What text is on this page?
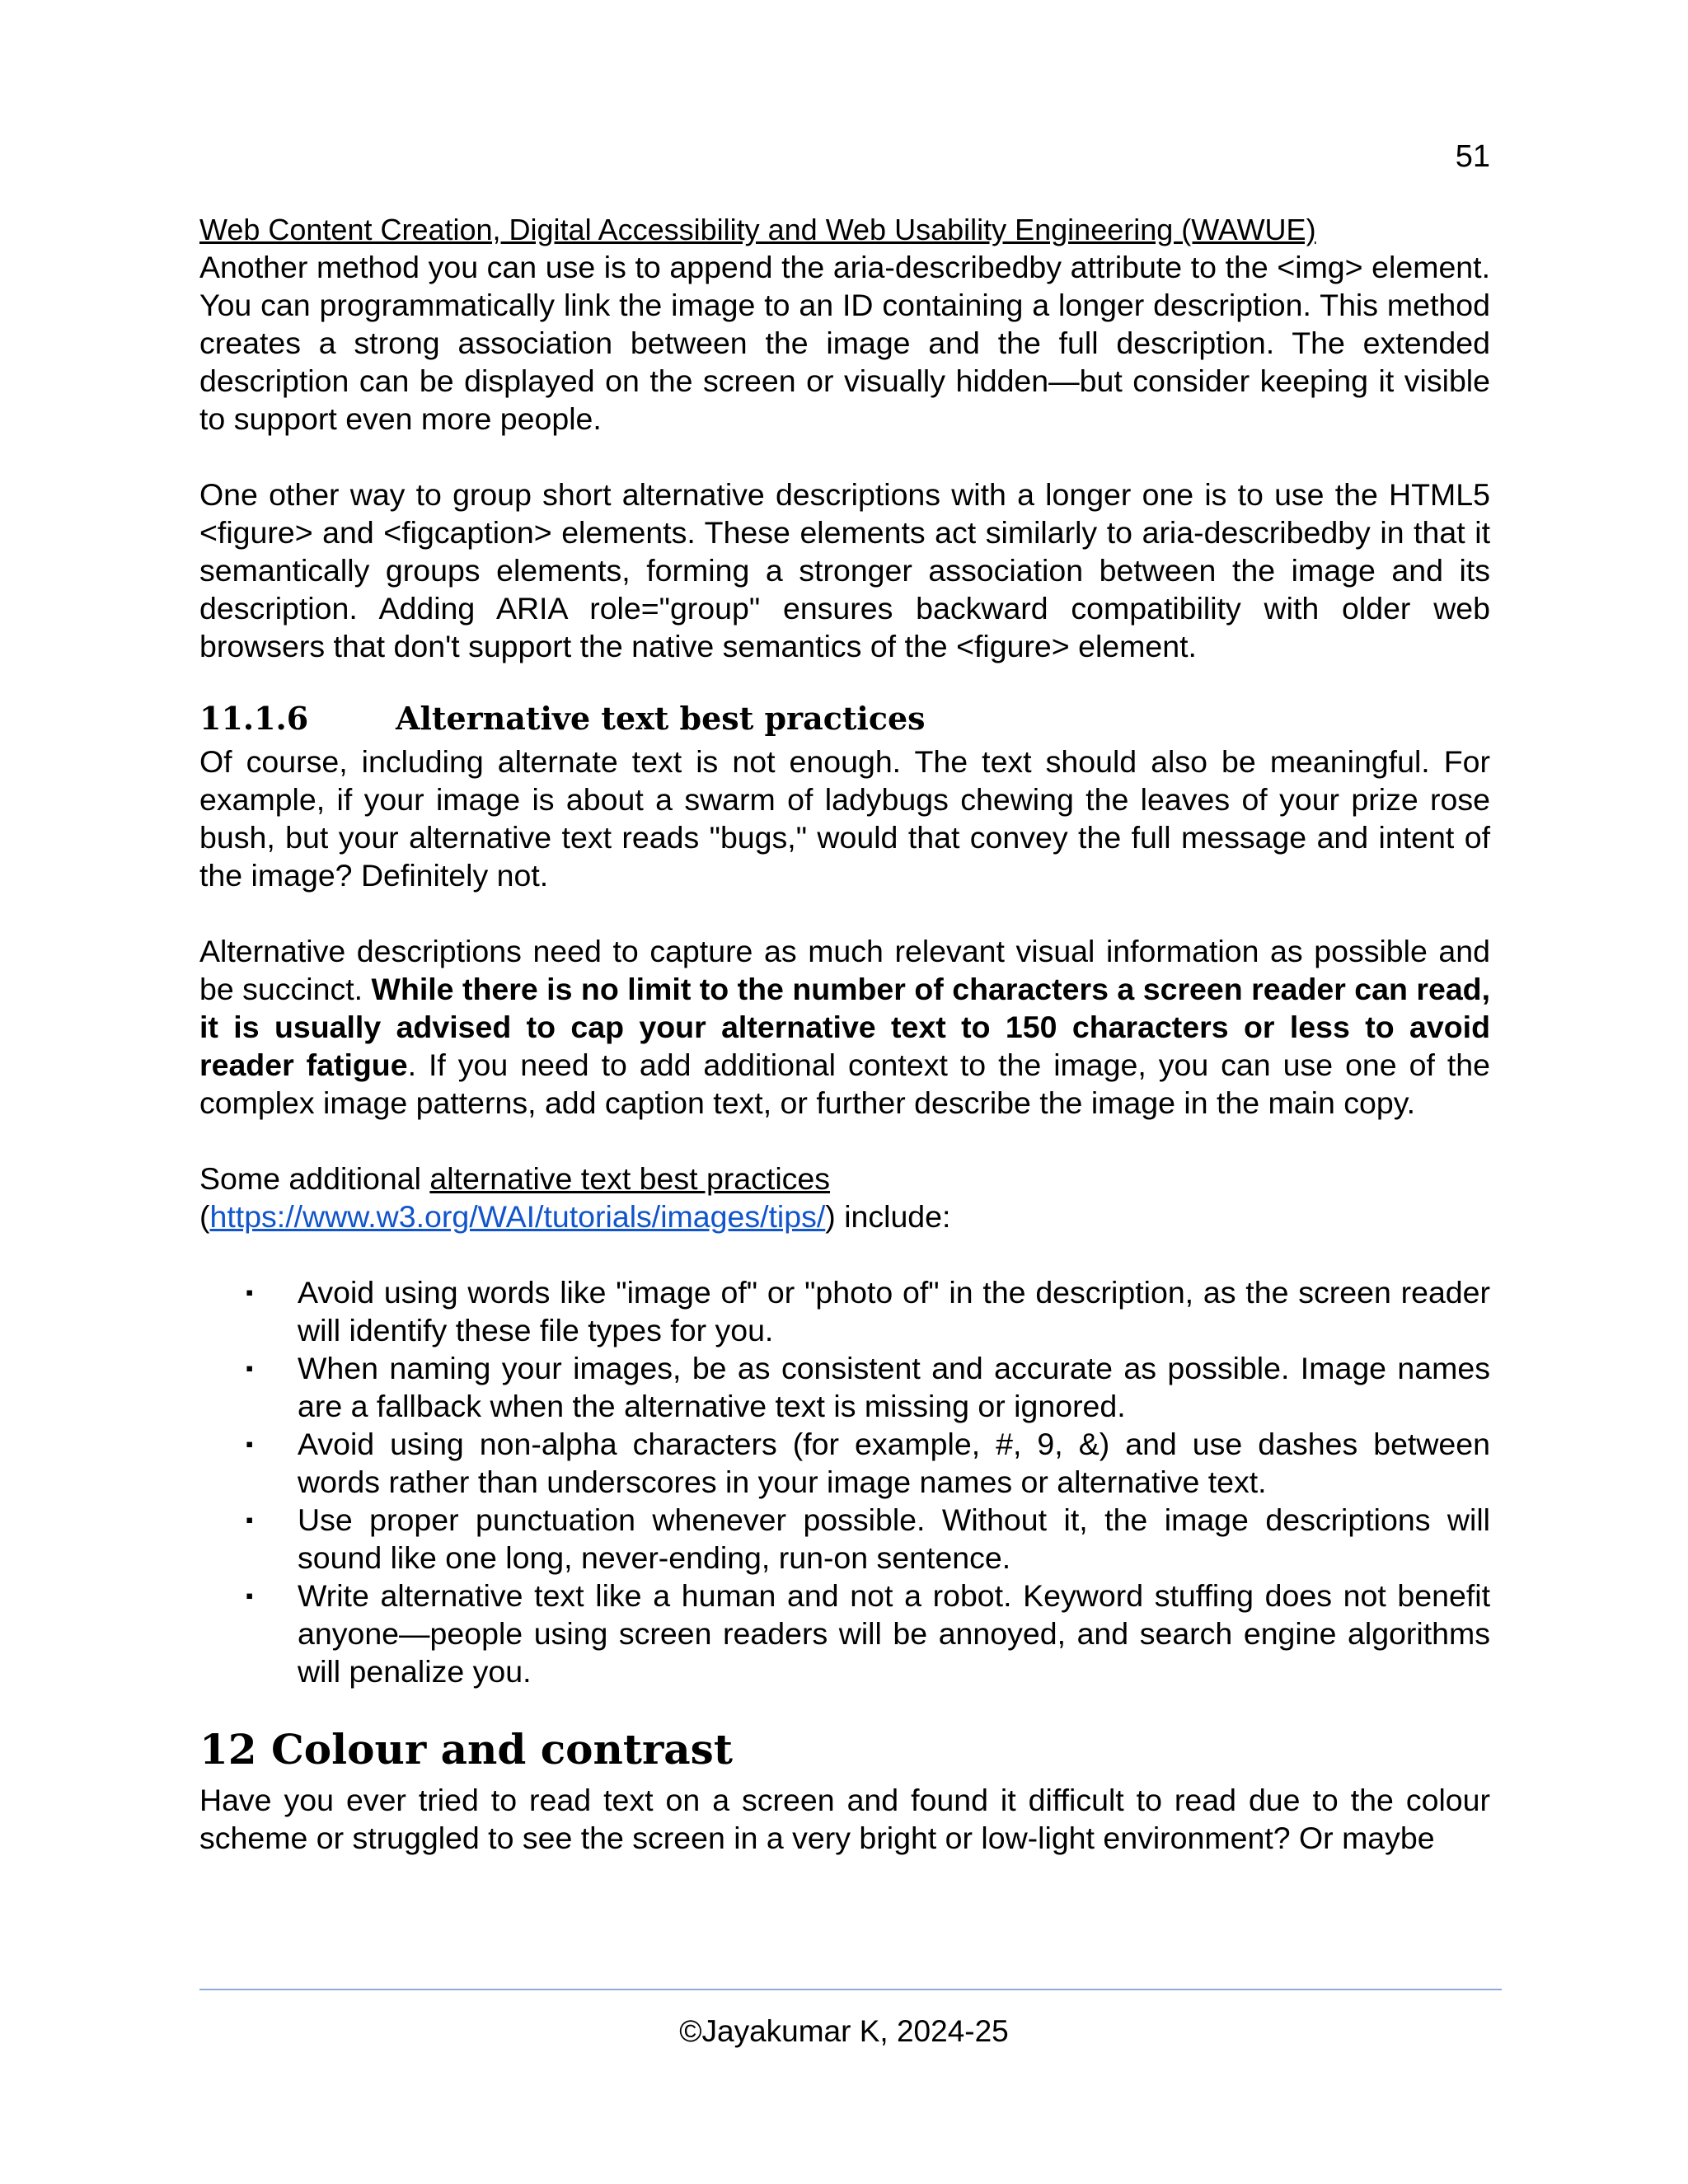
51
Web Content Creation, Digital Accessibility and Web Usability Engineering (WAWUE)

Another method you can use is to append the aria-describedby attribute to the <img> element. You can programmatically link the image to an ID containing a longer description. This method creates a strong association between the image and the full description. The extended description can be displayed on the screen or visually hidden—but consider keeping it visible to support even more people.

One other way to group short alternative descriptions with a longer one is to use the HTML5 <figure> and <figcaption> elements. These elements act similarly to aria-describedby in that it semantically groups elements, forming a stronger association between the image and its description. Adding ARIA role="group" ensures backward compatibility with older web browsers that don't support the native semantics of the <figure> element.

11.1.6	Alternative text best practices

Of course, including alternate text is not enough. The text should also be meaningful. For example, if your image is about a swarm of ladybugs chewing the leaves of your prize rose bush, but your alternative text reads "bugs," would that convey the full message and intent of the image? Definitely not.

Alternative descriptions need to capture as much relevant visual information as possible and be succinct. While there is no limit to the number of characters a screen reader can read, it is usually advised to cap your alternative text to 150 characters or less to avoid reader fatigue. If you need to add additional context to the image, you can use one of the complex image patterns, add caption text, or further describe the image in the main copy.

Some additional alternative text best practices
(https://www.w3.org/WAI/tutorials/images/tips/) include:

▪ Avoid using words like "image of" or "photo of" in the description, as the screen reader will identify these file types for you.
▪ When naming your images, be as consistent and accurate as possible. Image names are a fallback when the alternative text is missing or ignored.
▪ Avoid using non-alpha characters (for example, #, 9, &) and use dashes between words rather than underscores in your image names or alternative text.
▪ Use proper punctuation whenever possible. Without it, the image descriptions will sound like one long, never-ending, run-on sentence.
▪ Write alternative text like a human and not a robot. Keyword stuffing does not benefit anyone—people using screen readers will be annoyed, and search engine algorithms will penalize you.
12 Colour and contrast

Have you ever tried to read text on a screen and found it difficult to read due to the colour scheme or struggled to see the screen in a very bright or low-light environment? Or maybe

©Jayakumar K, 2024-25
